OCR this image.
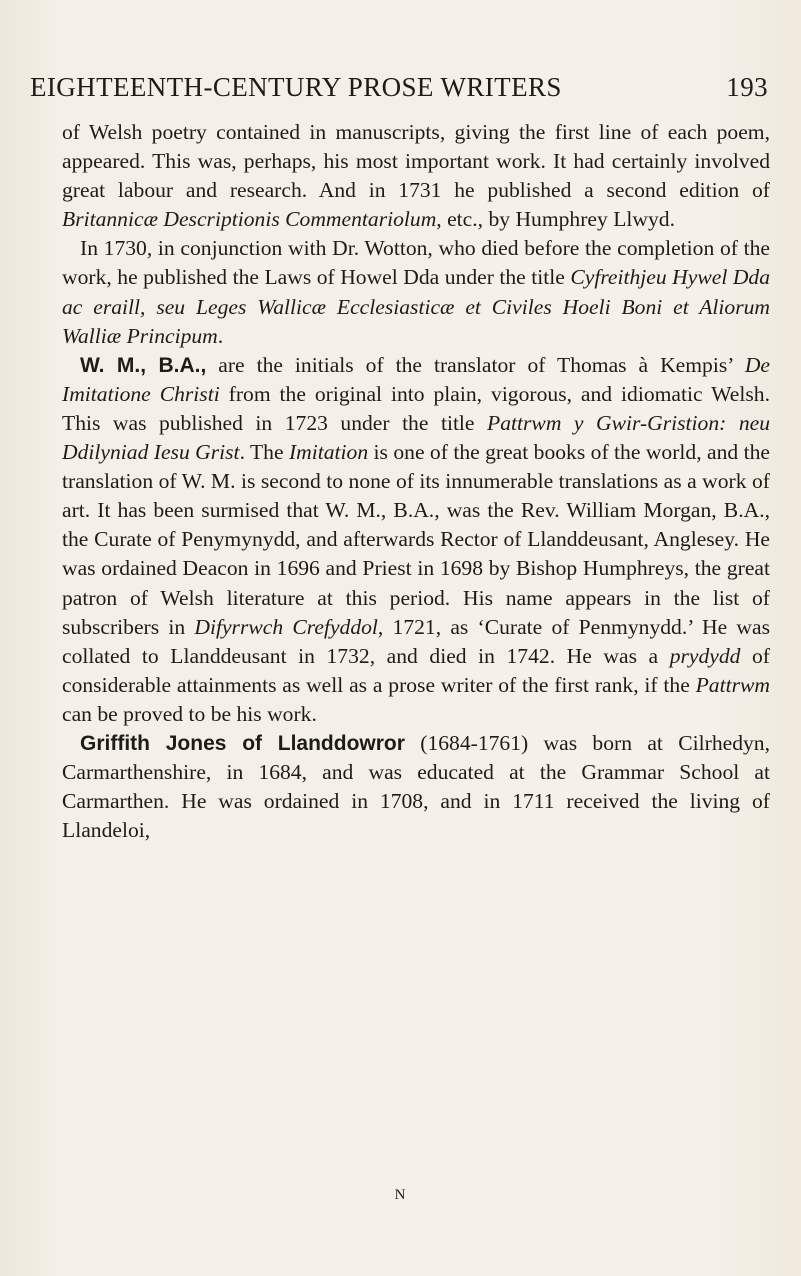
EIGHTEENTH-CENTURY PROSE WRITERS	193

of Welsh poetry contained in manuscripts, giving the first line of each poem, appeared. This was, perhaps, his most important work. It had certainly involved great labour and research. And in 1731 he published a second edition of Britannicæ Descriptionis Commentariolum, etc., by Humphrey Llwyd.

In 1730, in conjunction with Dr. Wotton, who died before the completion of the work, he published the Laws of Howel Dda under the title Cyfreithjeu Hywel Dda ac eraill, seu Leges Wallicæ Ecclesiasticæ et Civiles Hoeli Boni et Aliorum Walliæ Principum.

W. M., B.A., are the initials of the translator of Thomas à Kempis’ De Imitatione Christi from the original into plain, vigorous, and idiomatic Welsh. This was published in 1723 under the title Pattrwm y Gwir-Gristion: neu Ddilyniad Iesu Grist. The Imitation is one of the great books of the world, and the translation of W. M. is second to none of its innumerable translations as a work of art. It has been surmised that W. M., B.A., was the Rev. William Morgan, B.A., the Curate of Penymynydd, and afterwards Rector of Llanddeusant, Anglesey. He was ordained Deacon in 1696 and Priest in 1698 by Bishop Humphreys, the great patron of Welsh literature at this period. His name appears in the list of subscribers in Difyrrwch Crefyddol, 1721, as ‘Curate of Penmynydd.’ He was collated to Llanddeusant in 1732, and died in 1742. He was a prydydd of considerable attainments as well as a prose writer of the first rank, if the Pattrwm can be proved to be his work.

Griffith Jones of Llanddowror (1684-1761) was born at Cilrhedyn, Carmarthenshire, in 1684, and was educated at the Grammar School at Carmarthen. He was ordained in 1708, and in 1711 received the living of Llandeloi,

N
